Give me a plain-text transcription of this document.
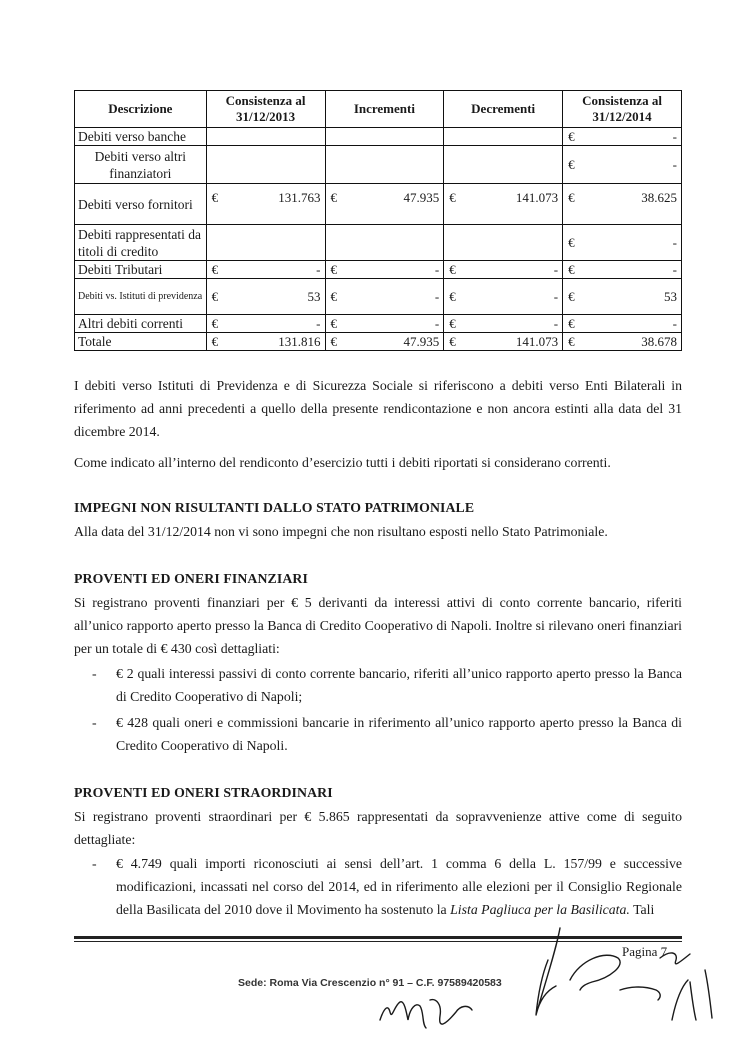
Descrizione	Consistenza al 31/12/2013	Incrementi	Decrementi	Consistenza al 31/12/2014
Debiti verso banche				€ -

Debiti verso altri finanziatori				€ -

Debiti verso fornitori	€ 131.763	€ 47.935	€ 141.073	€ 38.625

Debiti rappresentati da titoli di credito				€ -

Debiti Tributari	€ -	€ -	€ -	€ -

Debiti vs. Istituti di previdenza	€ 53	€ -	€ -	€ 53

Altri debiti correnti	€ -	€ -	€ -	€ -

Totale	€ 131.816	€ 47.935	€ 141.073	€ 38.678

I debiti verso Istituti di Previdenza e di Sicurezza Sociale si riferiscono a debiti verso Enti Bilaterali in riferimento ad anni precedenti a quello della presente rendicontazione e non ancora estinti alla data del 31 dicembre 2014.

Come indicato all’interno del rendiconto d’esercizio tutti i debiti riportati si considerano correnti.

IMPEGNI NON RISULTANTI DALLO STATO PATRIMONIALE

Alla data del 31/12/2014 non vi sono impegni che non risultano esposti nello Stato Patrimoniale.

PROVENTI ED ONERI FINANZIARI

Si registrano proventi finanziari per € 5 derivanti da interessi attivi di conto corrente bancario, riferiti all’unico rapporto aperto presso la Banca di Credito Cooperativo di Napoli. Inoltre si rilevano oneri finanziari per un totale di € 430 così dettagliati:

-	€ 2 quali interessi passivi di conto corrente bancario, riferiti all’unico rapporto aperto presso la Banca di Credito Cooperativo di Napoli;
-	€ 428 quali oneri e commissioni bancarie in riferimento all’unico rapporto aperto presso la Banca di Credito Cooperativo di Napoli.

PROVENTI ED ONERI STRAORDINARI

Si registrano proventi straordinari per € 5.865 rappresentati da sopravvenienze attive come di seguito dettagliate:

-	€ 4.749 quali importi riconosciuti ai sensi dell’art. 1 comma 6 della L. 157/99 e successive modificazioni, incassati nel corso del 2014, ed in riferimento alle elezioni per il Consiglio Regionale della Basilicata del 2010 dove il Movimento ha sostenuto la Lista Pagliuca per la Basilicata. Tali
Pagina 7
Sede: Roma Via Crescenzio n° 91 – C.F. 97589420583
